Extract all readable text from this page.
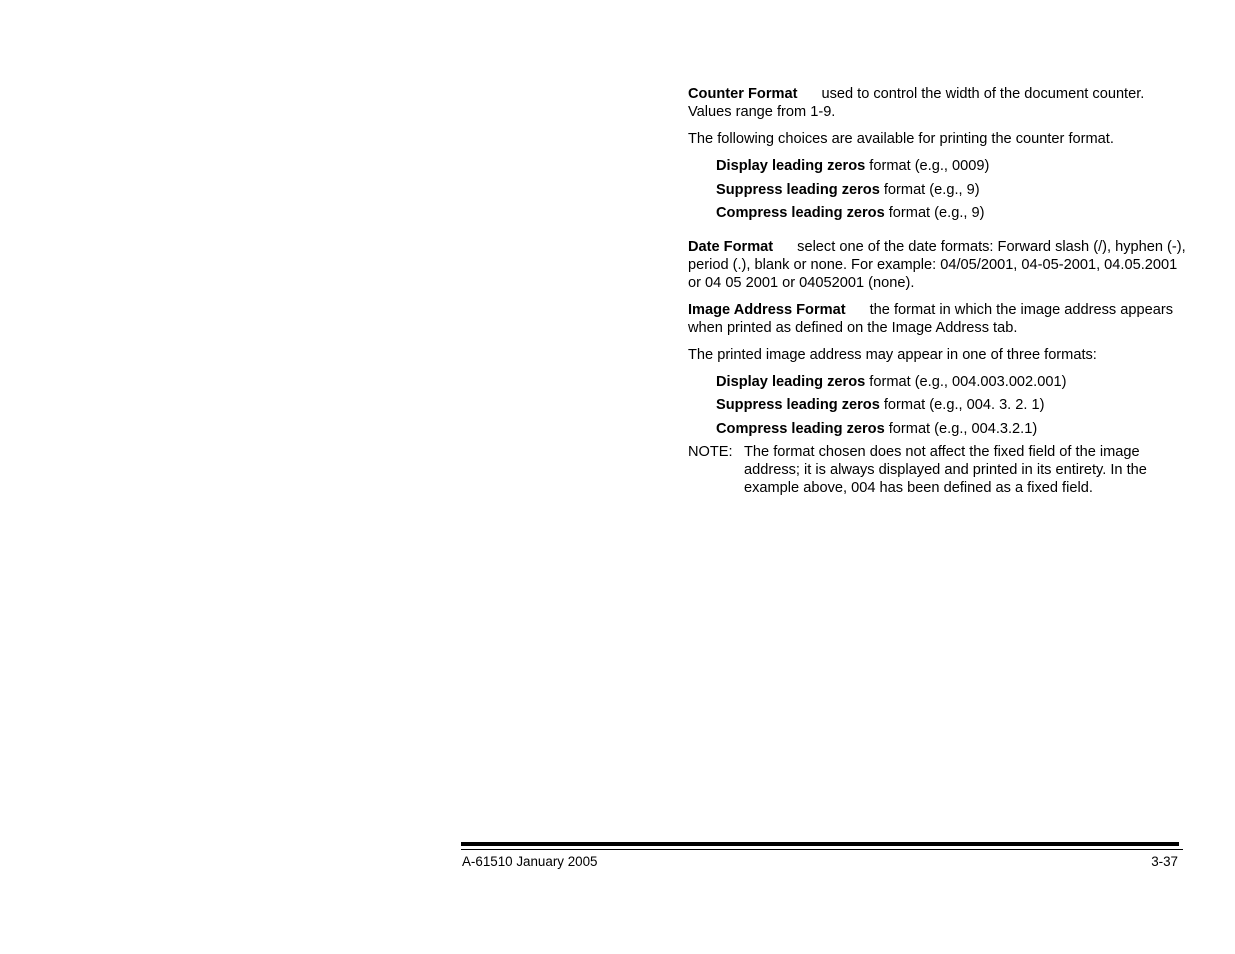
Counter Format used to control the width of the document counter. Values range from 1-9.

The following choices are available for printing the counter format.

Display leading zeros format (e.g., 0009)
Suppress leading zeros format (e.g., 9)
Compress leading zeros format (e.g., 9)

Date Format select one of the date formats: Forward slash (/), hyphen (-), period (.), blank or none. For example: 04/05/2001, 04-05-2001, 04.05.2001 or 04 05 2001 or 04052001 (none).

Image Address Format the format in which the image address appears when printed as defined on the Image Address tab.

The printed image address may appear in one of three formats:

Display leading zeros format (e.g., 004.003.002.001)
Suppress leading zeros format (e.g., 004. 3. 2. 1)
Compress leading zeros format (e.g., 004.3.2.1)
NOTE: The format chosen does not affect the fixed field of the image address; it is always displayed and printed in its entirety. In the example above, 004 has been defined as a fixed field.
A-61510 January 2005	3-37
